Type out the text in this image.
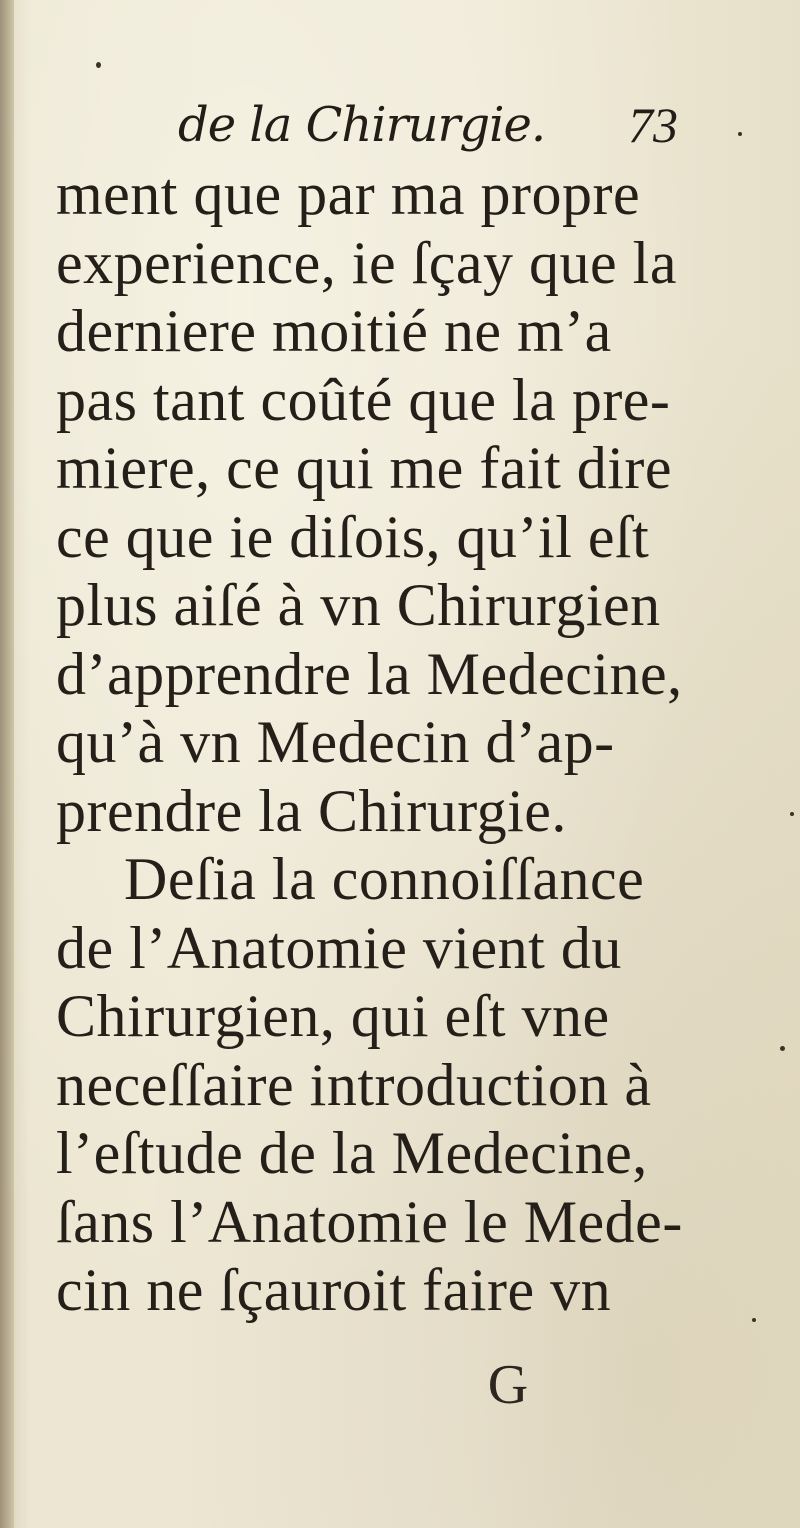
de la Chirurgie. 73
ment que par ma propre
experience, ie ſçay que la
derniere moitié ne m’a
pas tant coûté que la pre-
miere, ce qui me fait dire
ce que ie diſois, qu’il eſt
plus aiſé à vn Chirurgien
d’apprendre la Medecine,
qu’à vn Medecin d’ap-
prendre la Chirurgie.
Deſia la connoiſſance
de l’Anatomie vient du
Chirurgien, qui eſt vne
neceſſaire introduction à
l’eſtude de la Medecine,
ſans l’Anatomie le Mede-
cin ne ſçauroit faire vn
G
